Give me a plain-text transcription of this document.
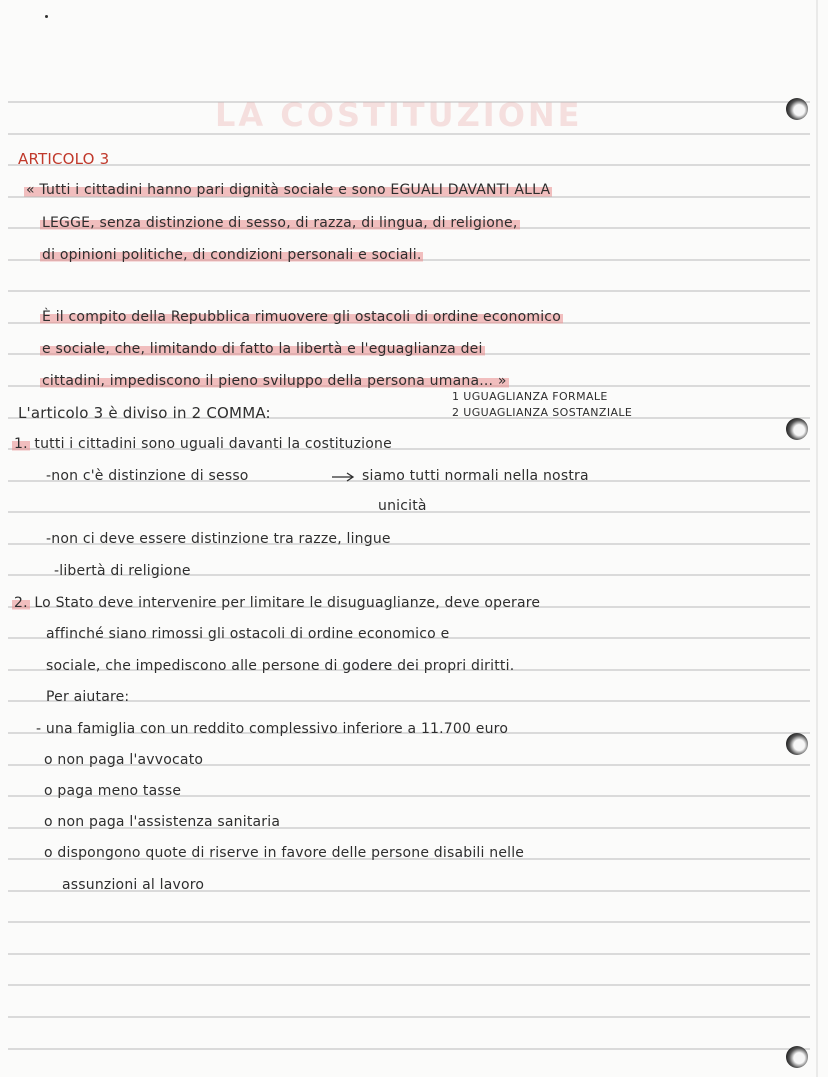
LA COSTITUZIONE
ARTICOLO 3
« Tutti i cittadini hanno pari dignità sociale e sono EGUALI DAVANTI ALLA
LEGGE, senza distinzione di sesso, di razza, di lingua, di religione,
di opinioni politiche, di condizioni personali e sociali.
È il compito della Repubblica rimuovere gli ostacoli di ordine economico
e sociale, che, limitando di fatto la libertà e l'eguaglianza dei
cittadini, impediscono il pieno sviluppo della persona umana... »
L'articolo 3 è diviso in 2 COMMA:
1 UGUAGLIANZA FORMALE
2 UGUAGLIANZA SOSTANZIALE
1. tutti i cittadini sono uguali davanti la costituzione
-non c'è distinzione di sesso	siamo tutti normali nella nostra
unicità
-non ci deve essere distinzione tra razze, lingue
-libertà di religione
2. Lo Stato deve intervenire per limitare le disuguaglianze, deve operare
affinché siano rimossi gli ostacoli di ordine economico e
sociale, che impediscono alle persone di godere dei propri diritti.
Per aiutare:
- una famiglia con un reddito complessivo inferiore a 11.700 euro
o non paga l'avvocato
o paga meno tasse
o non paga l'assistenza sanitaria
o dispongono quote di riserve in favore delle persone disabili nelle
assunzioni al lavoro
